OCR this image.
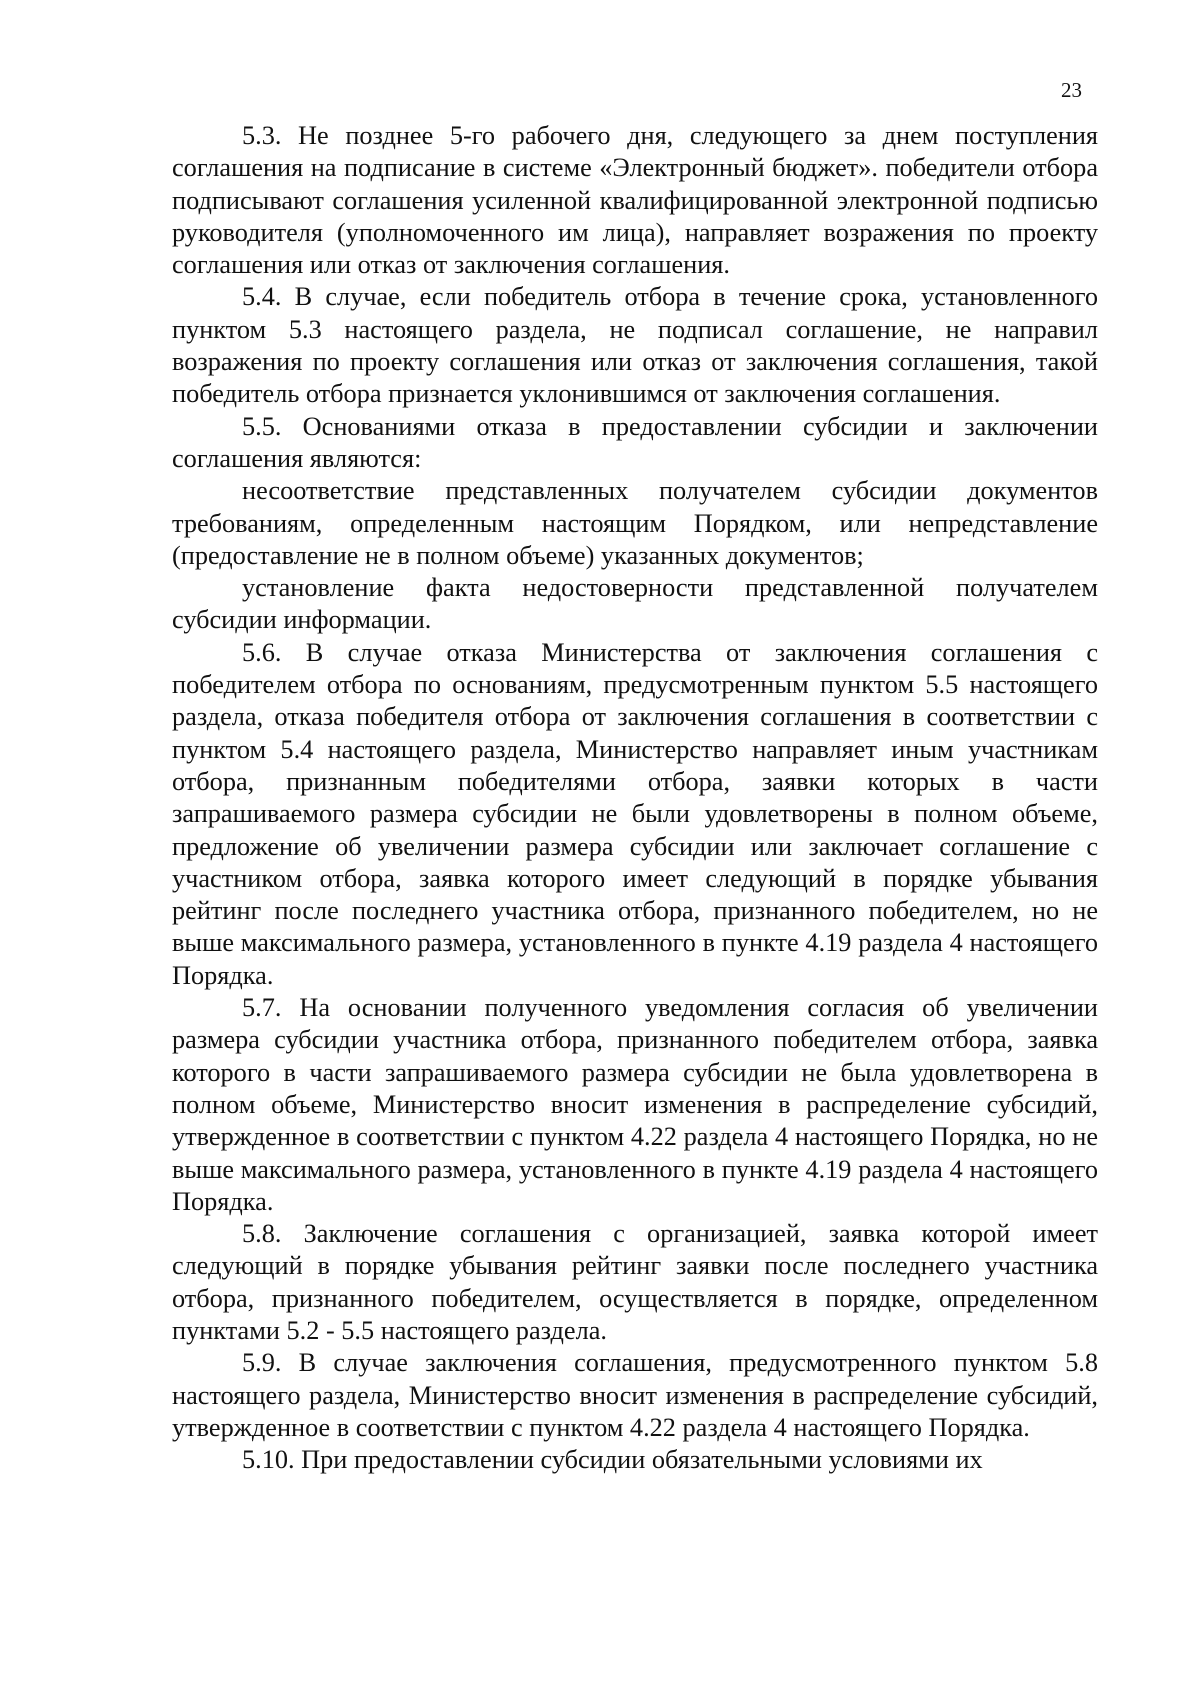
23

5.3. Не позднее 5-го рабочего дня, следующего за днем поступления соглашения на подписание в системе «Электронный бюджет». победители отбора подписывают соглашения усиленной квалифицированной электронной подписью руководителя (уполномоченного им лица), направляет возражения по проекту соглашения или отказ от заключения соглашения.

5.4. В случае, если победитель отбора в течение срока, установленного пунктом 5.3 настоящего раздела, не подписал соглашение, не направил возражения по проекту соглашения или отказ от заключения соглашения, такой победитель отбора признается уклонившимся от заключения соглашения.

5.5. Основаниями отказа в предоставлении субсидии и заключении соглашения являются:

несоответствие представленных получателем субсидии документов требованиям, определенным настоящим Порядком, или непредставление (предоставление не в полном объеме) указанных документов;

установление факта недостоверности представленной получателем субсидии информации.

5.6. В случае отказа Министерства от заключения соглашения с победителем отбора по основаниям, предусмотренным пунктом 5.5 настоящего раздела, отказа победителя отбора от заключения соглашения в соответствии с пунктом 5.4 настоящего раздела, Министерство направляет иным участникам отбора, признанным победителями отбора, заявки которых в части запрашиваемого размера субсидии не были удовлетворены в полном объеме, предложение об увеличении размера субсидии или заключает соглашение с участником отбора, заявка которого имеет следующий в порядке убывания рейтинг после последнего участника отбора, признанного победителем, но не выше максимального размера, установленного в пункте 4.19 раздела 4 настоящего Порядка.

5.7. На основании полученного уведомления согласия об увеличении размера субсидии участника отбора, признанного победителем отбора, заявка которого в части запрашиваемого размера субсидии не была удовлетворена в полном объеме, Министерство вносит изменения в распределение субсидий, утвержденное в соответствии с пунктом 4.22 раздела 4 настоящего Порядка, но не выше максимального размера, установленного в пункте 4.19 раздела 4 настоящего Порядка.

5.8. Заключение соглашения с организацией, заявка которой имеет следующий в порядке убывания рейтинг заявки после последнего участника отбора, признанного победителем, осуществляется в порядке, определенном пунктами 5.2 - 5.5 настоящего раздела.

5.9. В случае заключения соглашения, предусмотренного пунктом 5.8 настоящего раздела, Министерство вносит изменения в распределение субсидий, утвержденное в соответствии с пунктом 4.22 раздела 4 настоящего Порядка.

5.10. При предоставлении субсидии обязательными условиями их
